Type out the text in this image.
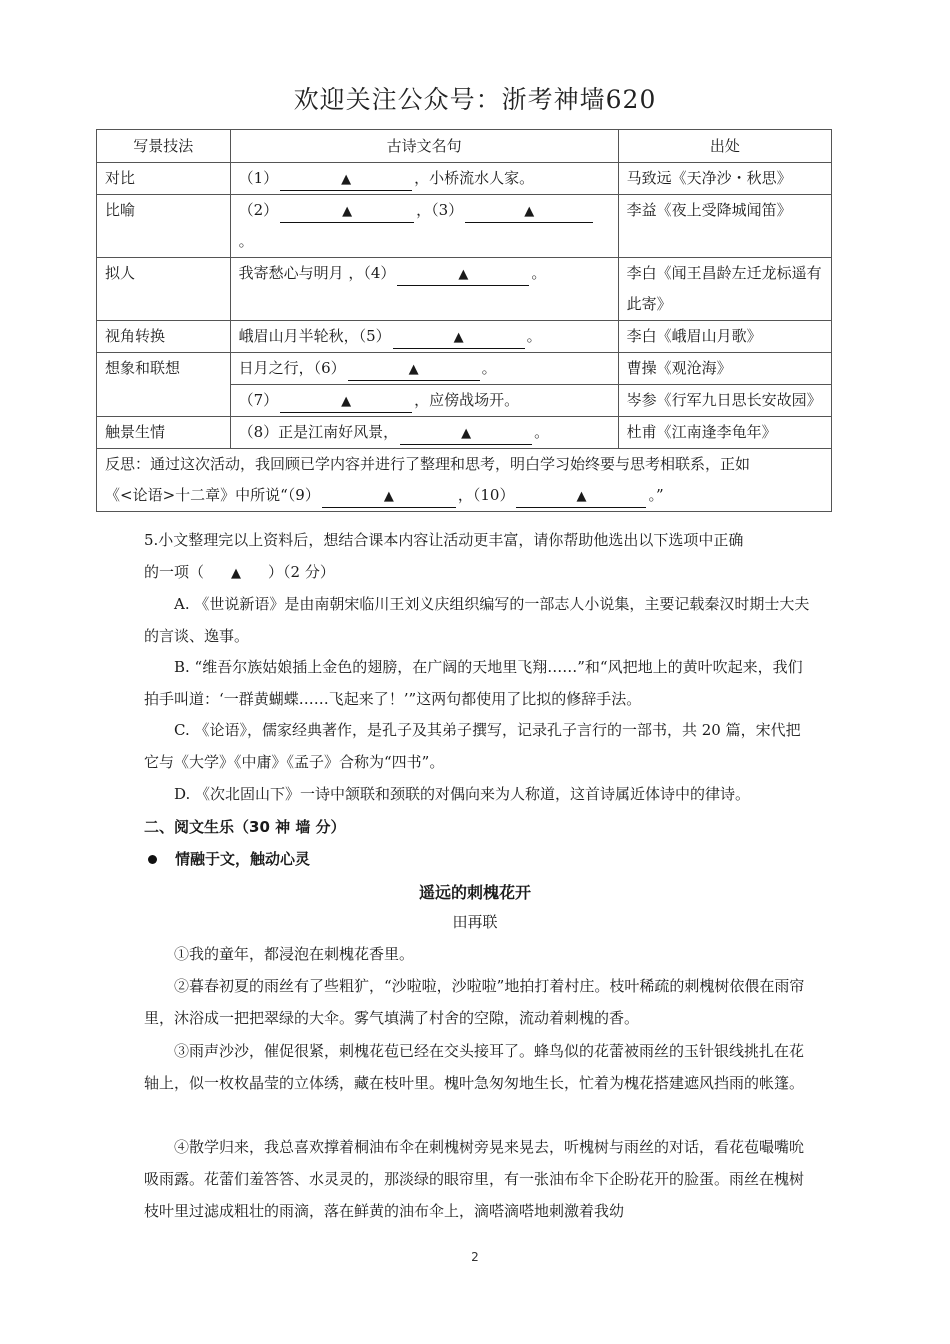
欢迎关注公众号：浙考神墙620
写景技法	古诗文名句	出处
对比	（1） ▲ ，小桥流水人家。	马致远《天净沙・秋思》
比喻	（2） ▲ ，（3） ▲。	李益《夜上受降城闻笛》
拟人	我寄愁心与明月 ，（4） ▲ 。	李白《闻王昌龄左迁龙标遥有此寄》
视角转换	峨眉山月半轮秋，（5） ▲ 。	李白《峨眉山月歌》
想象和联想	日月之行，（6） ▲ 。	曹操《观沧海》
	（7） ▲ ，应傍战场开。	岑参《行军九日思长安故园》
触景生情	（8）正是江南好风景， ▲ 。	杜甫《江南逢李龟年》

反思：通过这次活动，我回顾已学内容并进行了整理和思考，明白学习始终要与思考相联系，正如
《<论语>十二章》中所说“（9） ▲ ，（10） ▲ 。”		
5.小文整理完以上资料后，想结合课本内容让活动更丰富，请你帮助他选出以下选项中正确
的一项（ ▲ ）（2 分）
A. 《世说新语》是由南朝宋临川王刘义庆组织编写的一部志人小说集，主要记载秦汉时期士大夫的言谈、逸事。
B. “维吾尔族姑娘插上金色的翅膀，在广阔的天地里飞翔……”和“风把地上的黄叶吹起来，我们拍手叫道：‘一群黄蝴蝶……飞起来了！’”这两句都使用了比拟的修辞手法。
C. 《论语》，儒家经典著作，是孔子及其弟子撰写，记录孔子言行的一部书，共 20 篇，宋代把它与《大学》《中庸》《孟子》合称为“四书”。
D. 《次北固山下》一诗中颔联和颈联的对偶向来为人称道，这首诗属近体诗中的律诗。
二、阅文生乐（30 神 墙 分）
情融于文，触动心灵
遥远的刺槐花开
田再联
①我的童年，都浸泡在刺槐花香里。
②暮春初夏的雨丝有了些粗犷，“沙啦啦，沙啦啦”地拍打着村庄。枝叶稀疏的刺槐树依偎在雨帘里，沐浴成一把把翠绿的大伞。雾气填满了村舍的空隙，流动着刺槐的香。
③雨声沙沙，催促很紧，刺槐花苞已经在交头接耳了。蜂鸟似的花蕾被雨丝的玉针银线挑扎在花轴上，似一枚枚晶莹的立体绣，藏在枝叶里。槐叶急匆匆地生长，忙着为槐花搭建遮风挡雨的帐篷。
④散学归来，我总喜欢撑着桐油布伞在刺槐树旁晃来晃去，听槐树与雨丝的对话，看花苞嘬嘴吮吸雨露。花蕾们羞答答、水灵灵的，那淡绿的眼帘里，有一张油布伞下企盼花开的脸蛋。雨丝在槐树枝叶里过滤成粗壮的雨滴，落在鲜黄的油布伞上，滴嗒滴嗒地刺激着我幼
2
